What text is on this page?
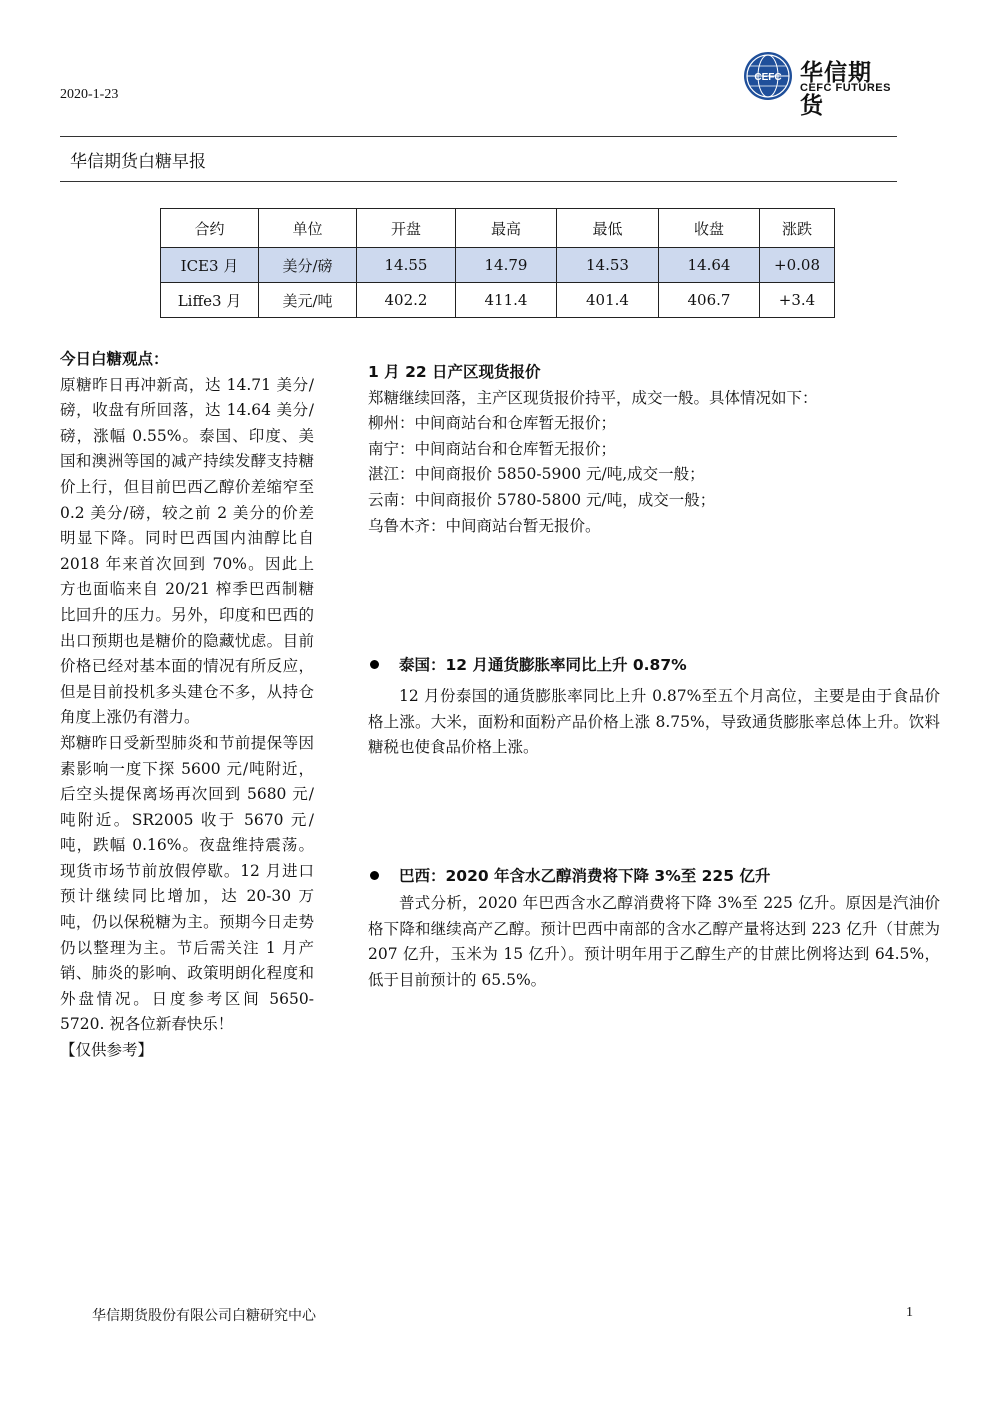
2020-1-23
CEFC 华信期货
CEFC FUTURES
华信期货白糖早报
合约	单位	开盘	最高	最低	收盘	涨跌
ICE3 月	美分/磅	14.55	14.79	14.53	14.64	+0.08
Liffe3 月	美元/吨	402.2	411.4	401.4	406.7	+3.4

今日白糖观点：

原糖昨日再冲新高，达 14.71 美分/磅，收盘有所回落，达 14.64 美分/磅，涨幅 0.55%。泰国、印度、美国和澳洲等国的减产持续发酵支持糖价上行，但目前巴西乙醇价差缩窄至 0.2 美分/磅，较之前 2 美分的价差明显下降。同时巴西国内油醇比自 2018 年来首次回到 70%。因此上方也面临来自 20/21 榨季巴西制糖比回升的压力。另外，印度和巴西的出口预期也是糖价的隐藏忧虑。目前价格已经对基本面的情况有所反应，但是目前投机多头建仓不多，从持仓角度上涨仍有潜力。

郑糖昨日受新型肺炎和节前提保等因素影响一度下探 5600 元/吨附近，后空头提保离场再次回到 5680 元/吨附近。SR2005 收于 5670 元/吨，跌幅 0.16%。夜盘维持震荡。现货市场节前放假停歇。12 月进口预计继续同比增加，达 20-30 万吨，仍以保税糖为主。预期今日走势仍以整理为主。节后需关注 1 月产销、肺炎的影响、政策明朗化程度和外盘情况。日度参考区间 5650-5720. 祝各位新春快乐！

【仅供参考】

1 月 22 日产区现货报价

郑糖继续回落，主产区现货报价持平，成交一般。具体情况如下：

柳州：中间商站台和仓库暂无报价；

南宁：中间商站台和仓库暂无报价；

湛江：中间商报价 5850-5900 元/吨,成交一般；

云南：中间商报价 5780-5800 元/吨，成交一般；

乌鲁木齐：中间商站台暂无报价。

泰国：12 月通货膨胀率同比上升 0.87%

12 月份泰国的通货膨胀率同比上升 0.87%至五个月高位，主要是由于食品价格上涨。大米，面粉和面粉产品价格上涨 8.75%，导致通货膨胀率总体上升。饮料糖税也使食品价格上涨。

巴西：2020 年含水乙醇消费将下降 3%至 225 亿升

普式分析，2020 年巴西含水乙醇消费将下降 3%至 225 亿升。原因是汽油价格下降和继续高产乙醇。预计巴西中南部的含水乙醇产量将达到 223 亿升（甘蔗为 207 亿升，玉米为 15 亿升）。预计明年用于乙醇生产的甘蔗比例将达到 64.5%，低于目前预计的 65.5%。

华信期货股份有限公司白糖研究中心	1
